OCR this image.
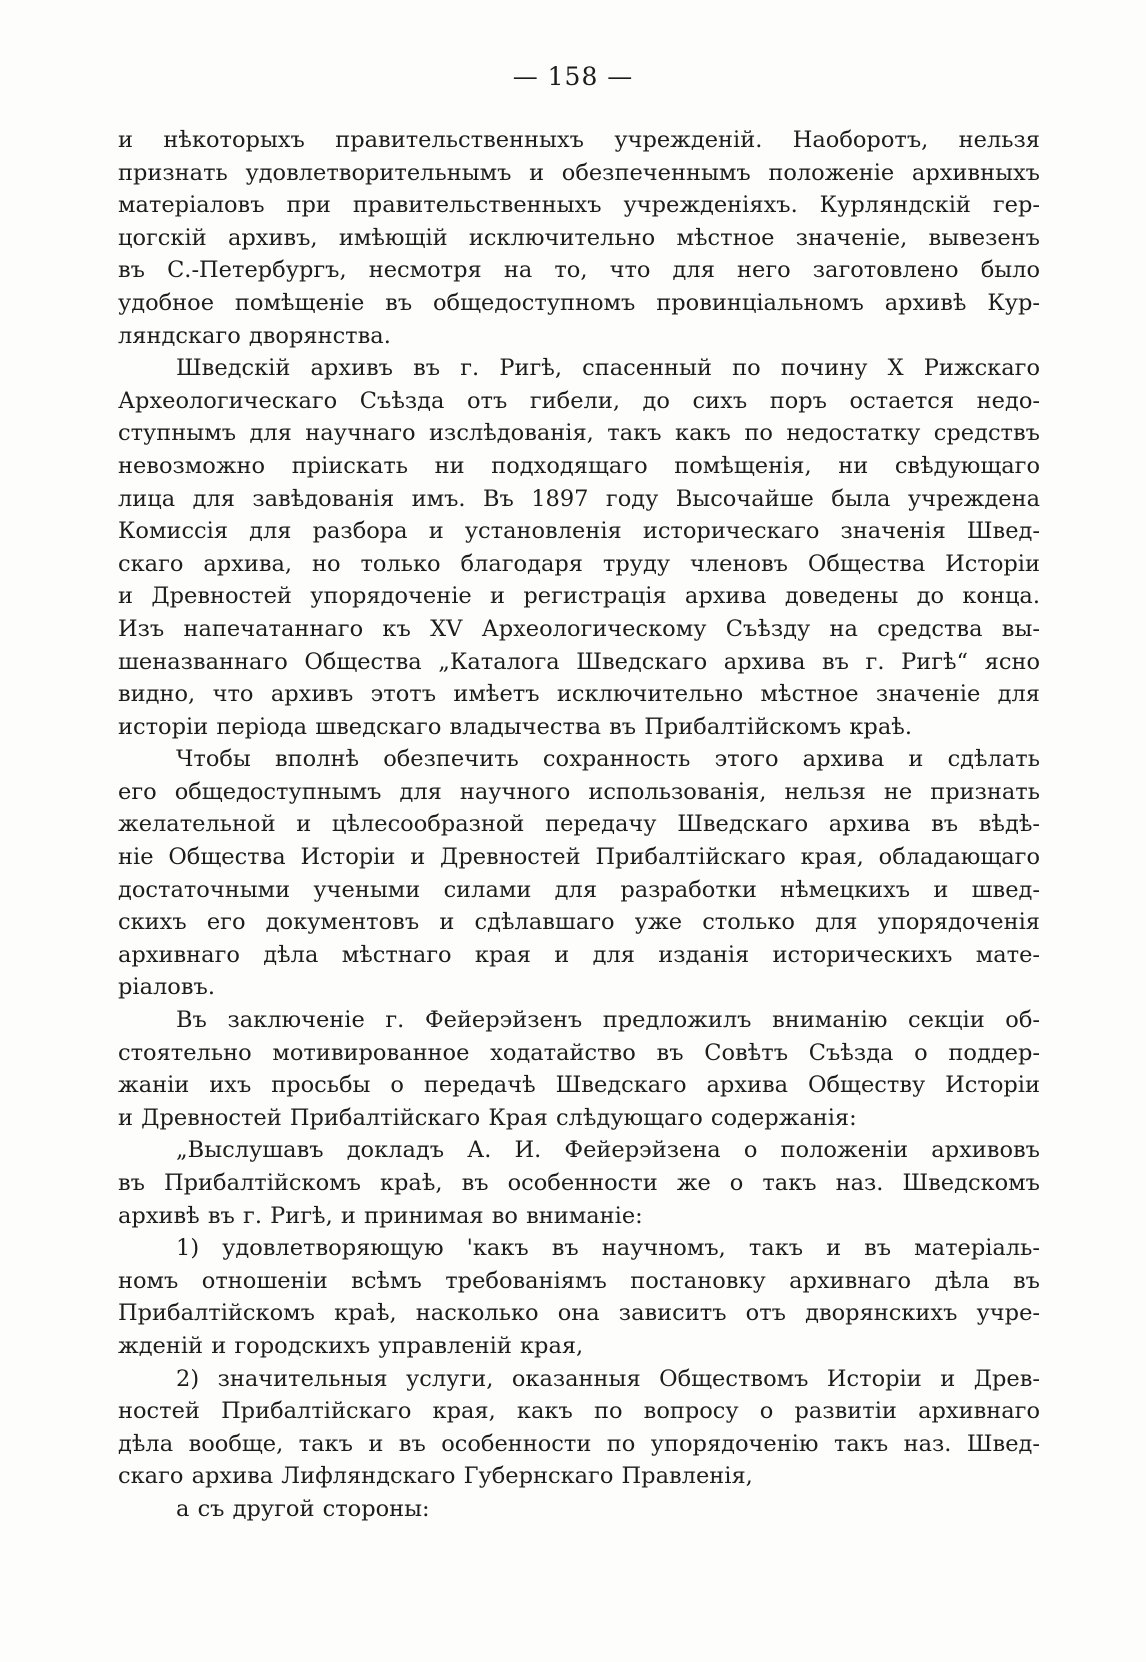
— 158 —

и нѣкоторыхъ правительственныхъ учрежденій. Наоборотъ, нельзя
признать удовлетворительнымъ и обезпеченнымъ положеніе архивныхъ
матеріаловъ при правительственныхъ учрежденіяхъ. Курляндскій гер-
цогскій архивъ, имѣющій исключительно мѣстное значеніе, вывезенъ
въ С.-Петербургъ, несмотря на то, что для него заготовлено было
удобное помѣщеніе въ общедоступномъ провинціальномъ архивѣ Кур-
ляндскаго дворянства.

Шведскій архивъ въ г. Ригѣ, спасенный по почину X Рижскаго
Археологическаго Съѣзда отъ гибели, до сихъ поръ остается недо-
ступнымъ для научнаго изслѣдованія, такъ какъ по недостатку средствъ
невозможно пріискать ни подходящаго помѣщенія, ни свѣдующаго
лица для завѣдованія имъ. Въ 1897 году Высочайше была учреждена
Комиссія для разбора и установленія историческаго значенія Швед-
скаго архива, но только благодаря труду членовъ Общества Исторіи
и Древностей упорядоченіе и регистрація архива доведены до конца.
Изъ напечатаннаго къ XV Археологическому Съѣзду на средства вы-
шеназваннаго Общества „Каталога Шведскаго архива въ г. Ригѣ“ ясно
видно, что архивъ этотъ имѣетъ исключительно мѣстное значеніе для
исторіи періода шведскаго владычества въ Прибалтійскомъ краѣ.

Чтобы вполнѣ обезпечить сохранность этого архива и сдѣлать
его общедоступнымъ для научного использованія, нельзя не признать
желательной и цѣлесообразной передачу Шведскаго архива въ вѣдѣ-
ніе Общества Исторіи и Древностей Прибалтійскаго края, обладающаго
достаточными учеными силами для разработки нѣмецкихъ и швед-
скихъ его документовъ и сдѣлавшаго уже столько для упорядоченія
архивнаго дѣла мѣстнаго края и для изданія историческихъ мате-
ріаловъ.

Въ заключеніе г. Фейерэйзенъ предложилъ вниманію секціи об-
стоятельно мотивированное ходатайство въ Совѣтъ Съѣзда о поддер-
жаніи ихъ просьбы о передачѣ Шведскаго архива Обществу Исторіи
и Древностей Прибалтійскаго Края слѣдующаго содержанія:

„Выслушавъ докладъ А. И. Фейерэйзена о положеніи архивовъ
въ Прибалтійскомъ краѣ, въ особенности же о такъ наз. Шведскомъ
архивѣ въ г. Ригѣ, и принимая во вниманіе:

1) удовлетворяющую 'какъ въ научномъ, такъ и въ матеріаль-
номъ отношеніи всѣмъ требованіямъ постановку архивнаго дѣла въ
Прибалтійскомъ краѣ, насколько она зависитъ отъ дворянскихъ учре-
жденій и городскихъ управленій края,

2) значительныя услуги, оказанныя Обществомъ Исторіи и Древ-
ностей Прибалтійскаго края, какъ по вопросу о развитіи архивнаго
дѣла вообще, такъ и въ особенности по упорядоченію такъ наз. Швед-
скаго архива Лифляндскаго Губернскаго Правленія,

а съ другой стороны:
